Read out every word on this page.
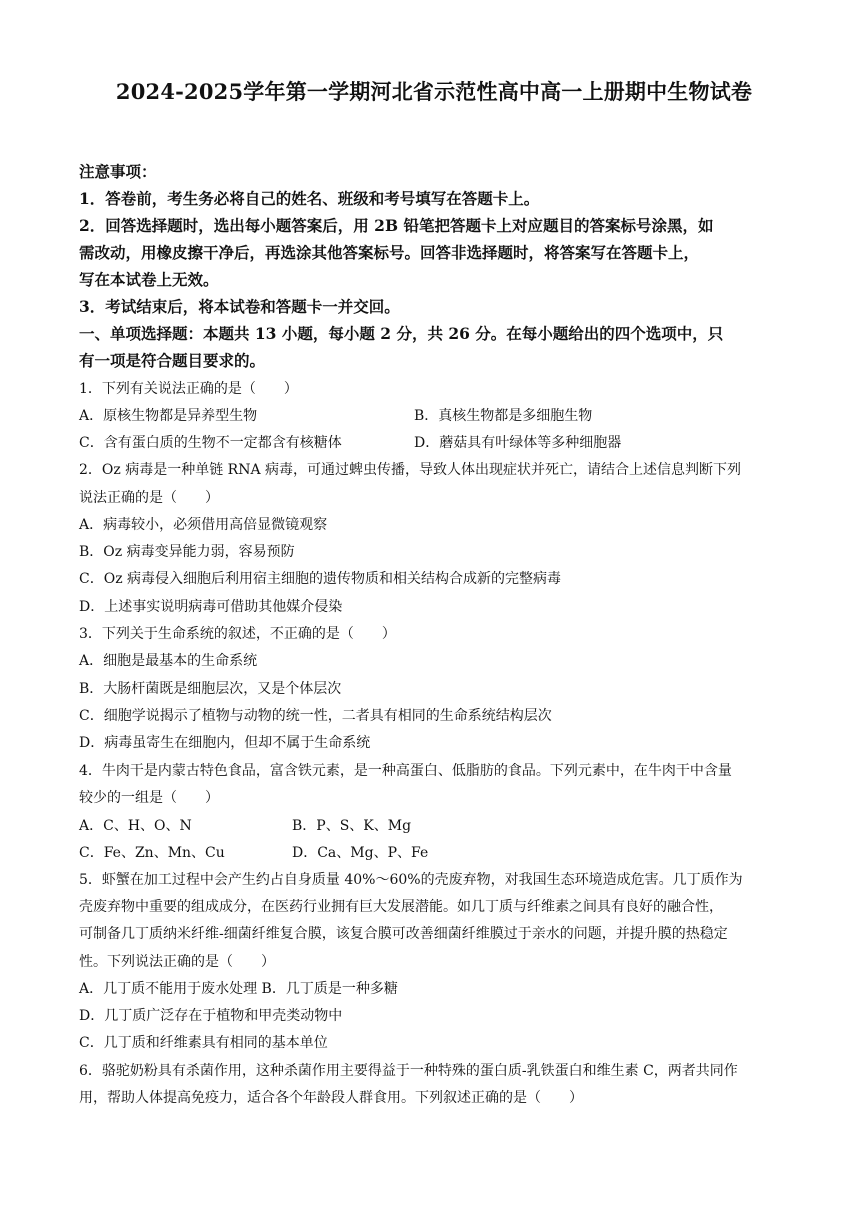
2024-2025学年第一学期河北省示范性高中高一上册期中生物试卷
注意事项：
1．答卷前，考生务必将自己的姓名、班级和考号填写在答题卡上。
2．回答选择题时，选出每小题答案后，用 2B 铅笔把答题卡上对应题目的答案标号涂黑，如
需改动，用橡皮擦干净后，再选涂其他答案标号。回答非选择题时，将答案写在答题卡上，
写在本试卷上无效。
3．考试结束后，将本试卷和答题卡一并交回。
一、单项选择题：本题共 13 小题，每小题 2 分，共 26 分。在每小题给出的四个选项中，只
有一项是符合题目要求的。
1．下列有关说法正确的是（　　）
A．原核生物都是异养型生物	B．真核生物都是多细胞生物
C．含有蛋白质的生物不一定都含有核糖体	D．蘑菇具有叶绿体等多种细胞器
2．Oz 病毒是一种单链 RNA 病毒，可通过蜱虫传播，导致人体出现症状并死亡，请结合上述信息判断下列
说法正确的是（　　）
A．病毒较小，必须借用高倍显微镜观察
B．Oz 病毒变异能力弱，容易预防
C．Oz 病毒侵入细胞后利用宿主细胞的遗传物质和相关结构合成新的完整病毒
D．上述事实说明病毒可借助其他媒介侵染
3．下列关于生命系统的叙述，不正确的是（　　）
A．细胞是最基本的生命系统
B．大肠杆菌既是细胞层次，又是个体层次
C．细胞学说揭示了植物与动物的统一性，二者具有相同的生命系统结构层次
D．病毒虽寄生在细胞内，但却不属于生命系统
4．牛肉干是内蒙古特色食品，富含铁元素，是一种高蛋白、低脂肪的食品。下列元素中，在牛肉干中含量
较少的一组是（　　）
A．C、H、O、N	B．P、S、K、Mg
C．Fe、Zn、Mn、Cu	D．Ca、Mg、P、Fe
5．虾蟹在加工过程中会产生约占自身质量 40%～60%的壳废弃物，对我国生态环境造成危害。几丁质作为
壳废弃物中重要的组成成分，在医药行业拥有巨大发展潜能。如几丁质与纤维素之间具有良好的融合性，
可制备几丁质纳米纤维-细菌纤维复合膜，该复合膜可改善细菌纤维膜过于亲水的问题，并提升膜的热稳定
性。下列说法正确的是（　　）
A．几丁质不能用于废水处理 B．几丁质是一种多糖
D．几丁质广泛存在于植物和甲壳类动物中
C．几丁质和纤维素具有相同的基本单位
6．骆驼奶粉具有杀菌作用，这种杀菌作用主要得益于一种特殊的蛋白质-乳铁蛋白和维生素 C，两者共同作
用，帮助人体提高免疫力，适合各个年龄段人群食用。下列叙述正确的是（　　）
